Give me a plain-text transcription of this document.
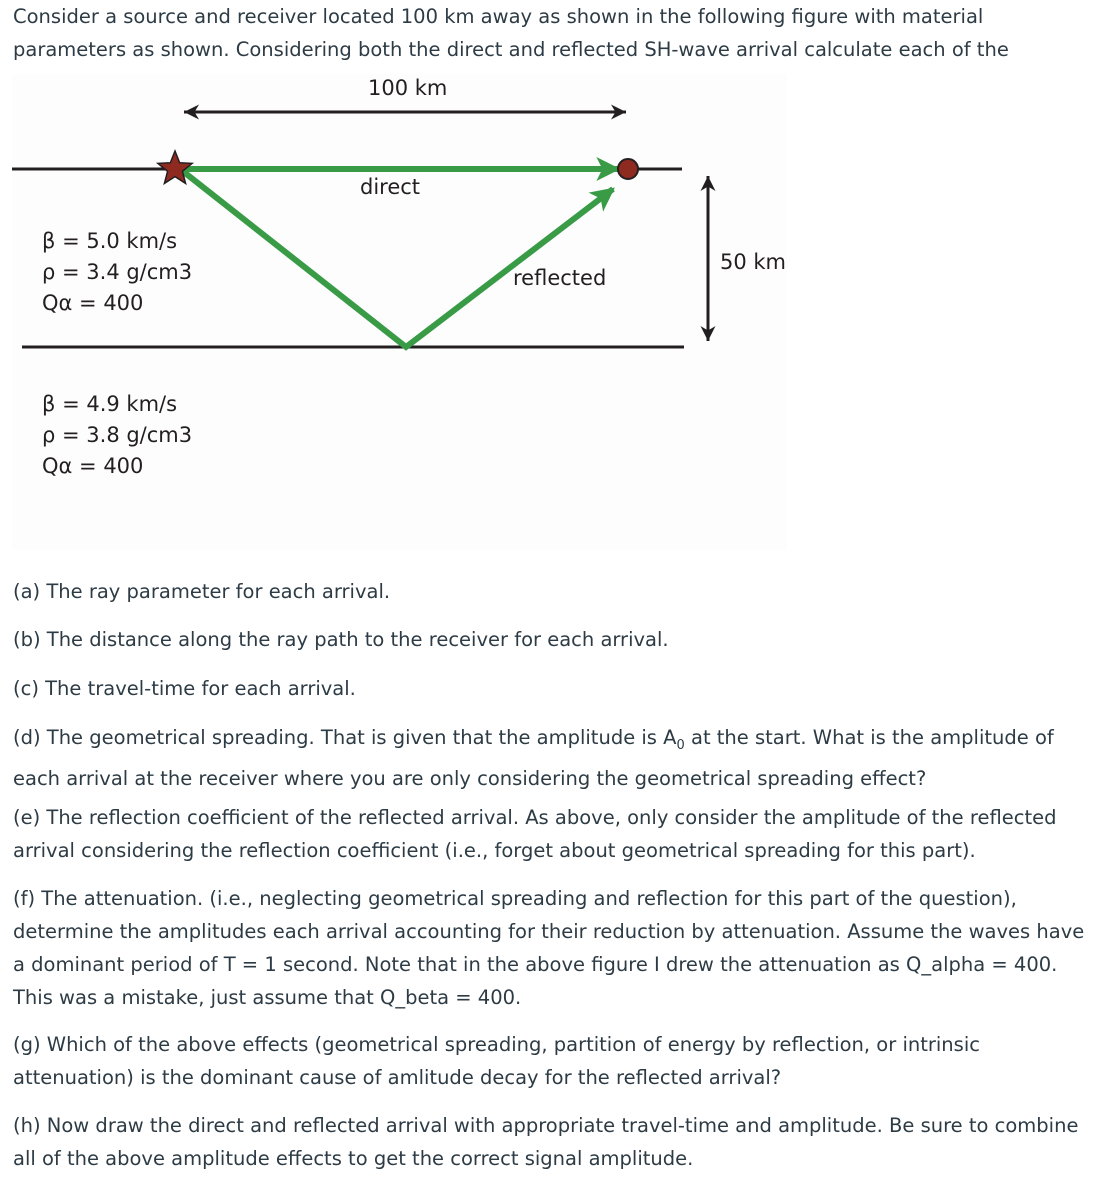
Consider a source and receiver located 100 km away as shown in the following figure with material parameters as shown. Considering both the direct and reflected SH-wave arrival calculate each of the

100 km
direct
reflected
50 km
β = 5.0 km/s
ρ = 3.4 g/cm3
Qα = 400
β = 4.9 km/s
ρ = 3.8 g/cm3
Qα = 400

(a) The ray parameter for each arrival.

(b) The distance along the ray path to the receiver for each arrival.

(c) The travel-time for each arrival.

(d) The geometrical spreading. That is given that the amplitude is $A_0$ at the start. What is the amplitude of each arrival at the receiver where you are only considering the geometrical spreading effect?

(e) The reflection coefficient of the reflected arrival. As above, only consider the amplitude of the reflected arrival considering the reflection coefficient (i.e., forget about geometrical spreading for this part).

(f) The attenuation. (i.e., neglecting geometrical spreading and reflection for this part of the question), determine the amplitudes each arrival accounting for their reduction by attenuation. Assume the waves have a dominant period of T = 1 second. Note that in the above figure I drew the attenuation as Q_alpha = 400. This was a mistake, just assume that Q_beta = 400.

(g) Which of the above effects (geometrical spreading, partition of energy by reflection, or intrinsic attenuation) is the dominant cause of amlitude decay for the reflected arrival?

(h) Now draw the direct and reflected arrival with appropriate travel-time and amplitude. Be sure to combine all of the above amplitude effects to get the correct signal amplitude.
